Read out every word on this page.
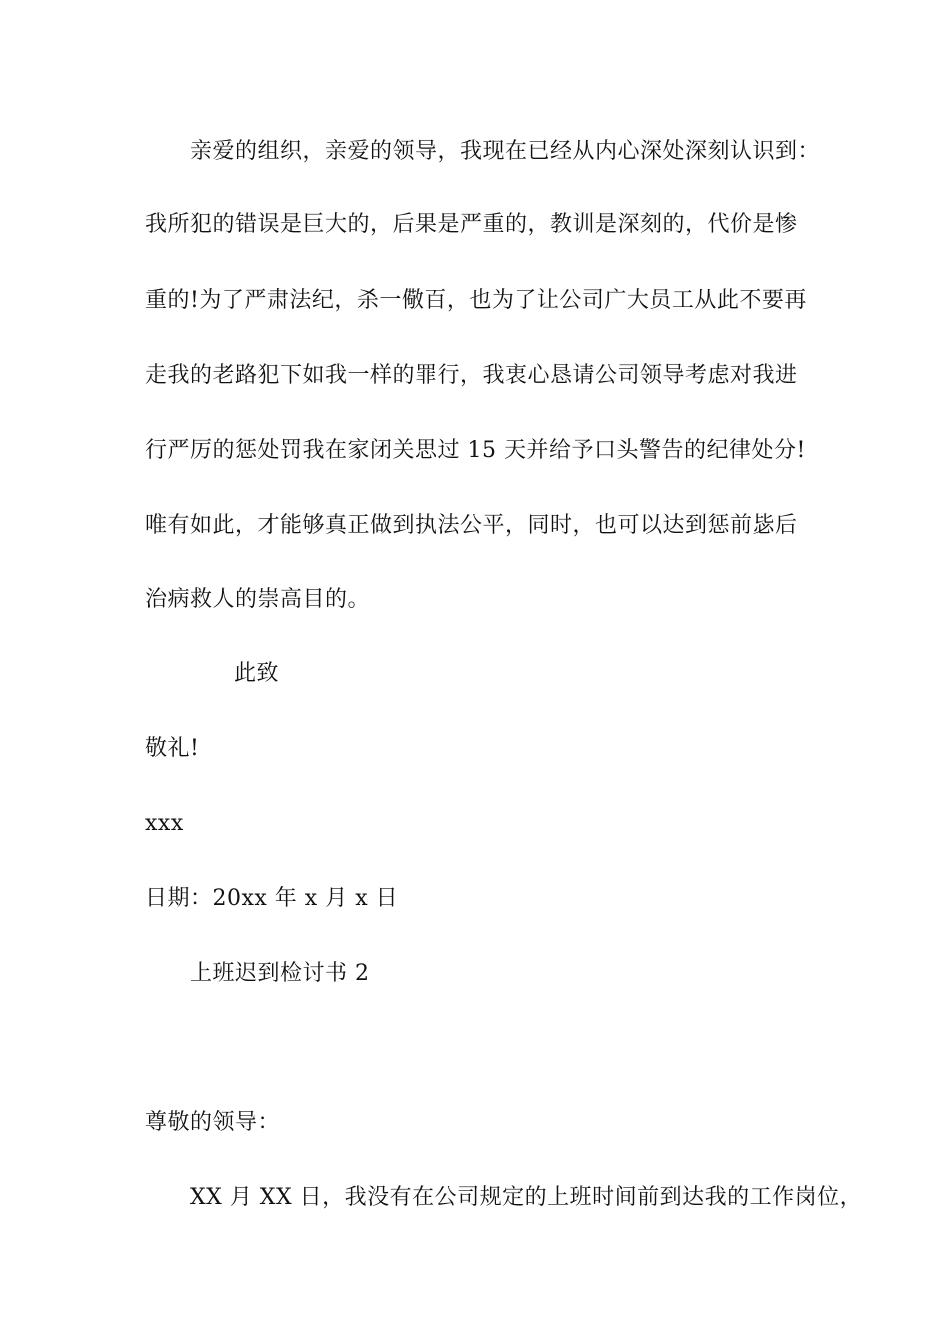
亲爱的组织，亲爱的领导，我现在已经从内心深处深刻认识到：
我所犯的错误是巨大的，后果是严重的，教训是深刻的，代价是惨
重的!为了严肃法纪，杀一儆百，也为了让公司广大员工从此不要再
走我的老路犯下如我一样的罪行，我衷心恳请公司领导考虑对我进
行严厉的惩处罚我在家闭关思过 15 天并给予口头警告的纪律处分!
唯有如此，才能够真正做到执法公平，同时，也可以达到惩前毖后
治病救人的崇高目的。
此致
敬礼!
xxx
日期：20xx 年 x 月 x 日
上班迟到检讨书 2
尊敬的领导：
XX 月 XX 日，我没有在公司规定的上班时间前到达我的工作岗位，
